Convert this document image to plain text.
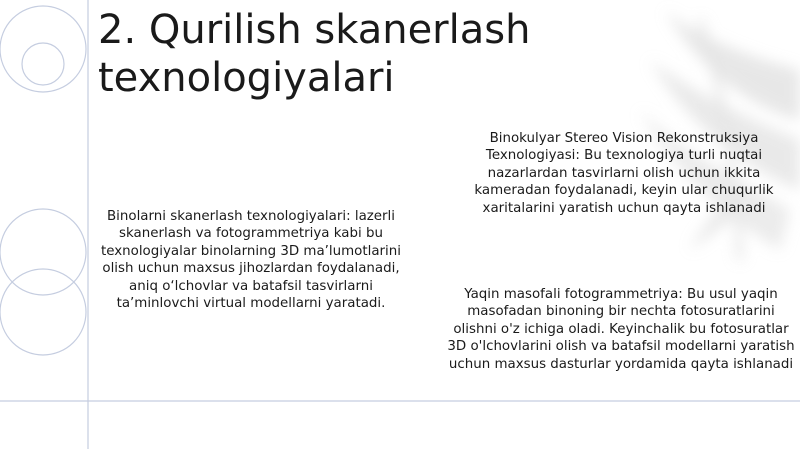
2. Qurilish skanerlash texnologiyalari

Binolarni skanerlash texnologiyalari: lazerli skanerlash va fotogrammetriya kabi bu texnologiyalar binolarning 3D ma’lumotlarini olish uchun maxsus jihozlardan foydalanadi, aniq o‘lchovlar va batafsil tasvirlarni ta’minlovchi virtual modellarni yaratadi.

Binokulyar Stereo Vision Rekonstruksiya Texnologiyasi: Bu texnologiya turli nuqtai nazarlardan tasvirlarni olish uchun ikkita kameradan foydalanadi, keyin ular chuqurlik xaritalarini yaratish uchun qayta ishlanadi

Yaqin masofali fotogrammetriya: Bu usul yaqin masofadan binoning bir nechta fotosuratlarini olishni o'z ichiga oladi. Keyinchalik bu fotosuratlar 3D o'lchovlarini olish va batafsil modellarni yaratish uchun maxsus dasturlar yordamida qayta ishlanadi
